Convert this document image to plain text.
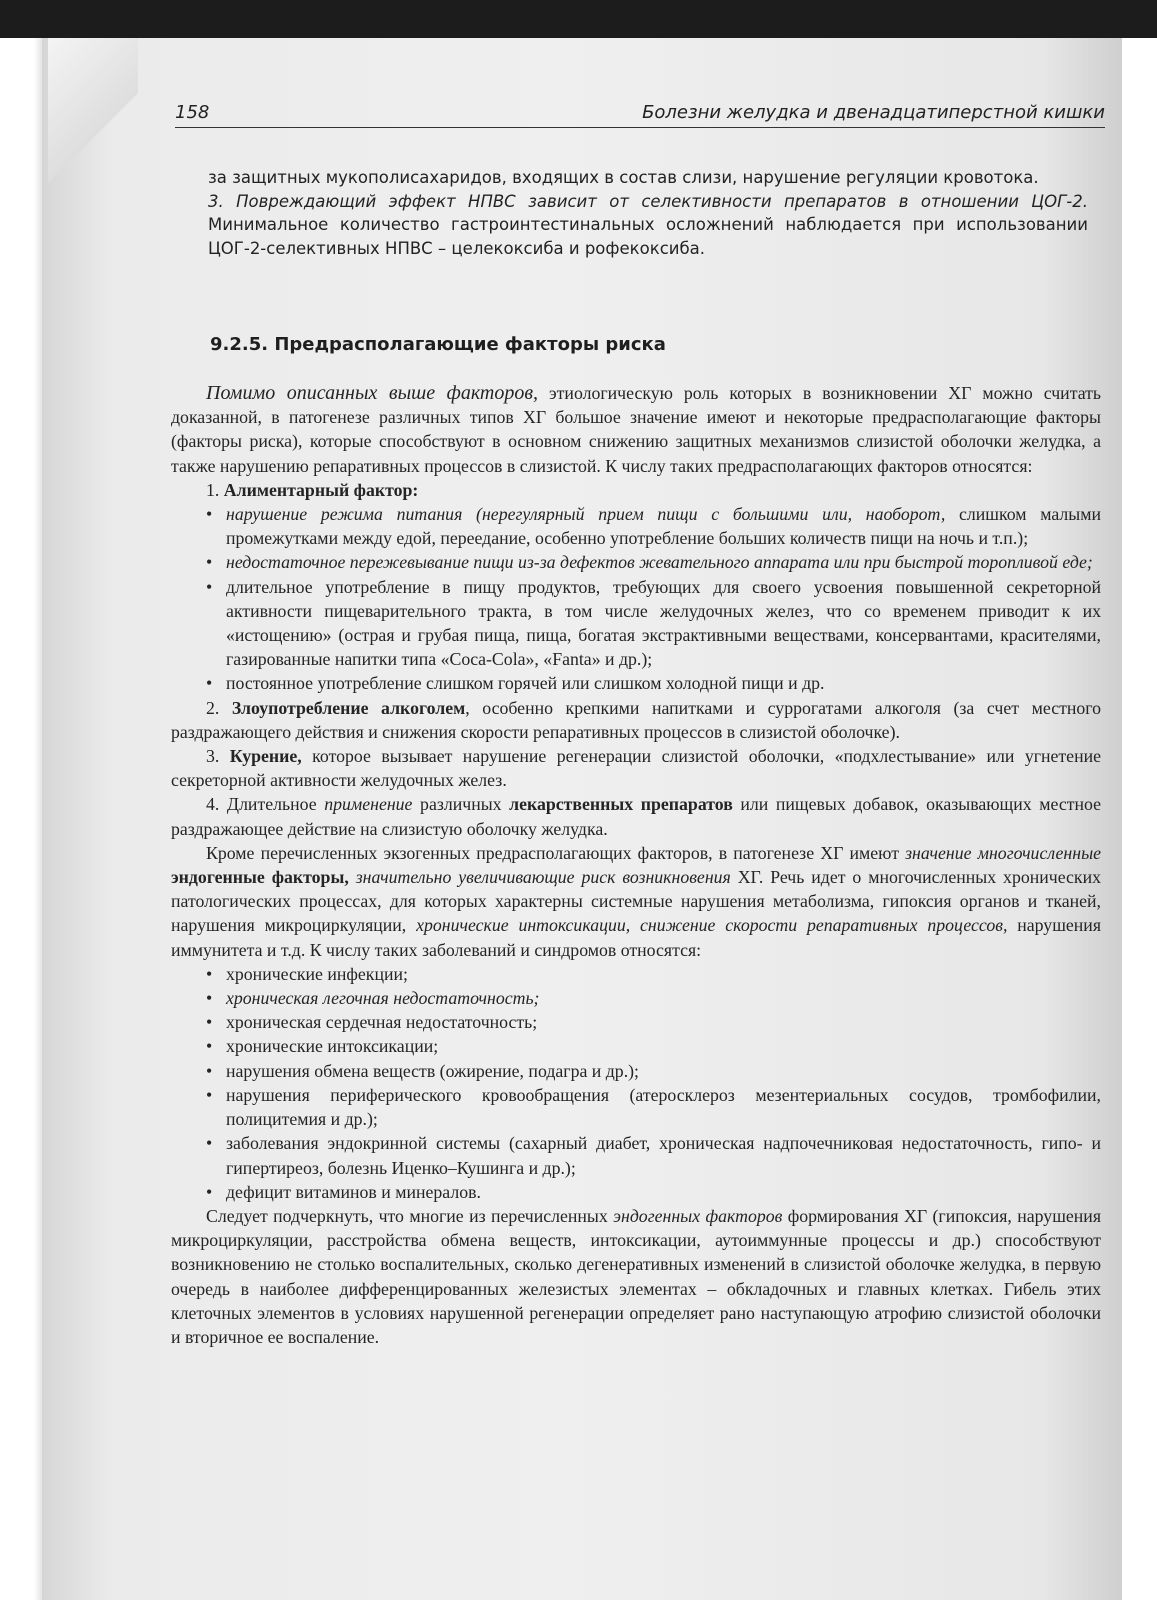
158	Болезни желудка и двенадцатиперстной кишки

за защитных мукополисахаридов, входящих в состав слизи, нарушение регуляции кровотока.

3. Повреждающий эффект НПВС зависит от селективности препаратов в отношении ЦОГ-2. Минимальное количество гастроинтестинальных осложнений наблюдается при использовании ЦОГ-2-селективных НПВС – целекоксиба и рофекоксиба.

9.2.5. Предрасполагающие факторы риска

Помимо описанных выше факторов, этиологическую роль которых в возникновении ХГ можно считать доказанной, в патогенезе различных типов ХГ большое значение имеют и некоторые предрасполагающие факторы (факторы риска), которые способствуют в основном снижению защитных механизмов слизистой оболочки желудка, а также нарушению репаративных процессов в слизистой. К числу таких предрасполагающих факторов относятся:

1. Алиментарный фактор:

• нарушение режима питания (нерегулярный прием пищи с большими или, наоборот, слишком малыми промежутками между едой, переедание, особенно употребление больших количеств пищи на ночь и т.п.);
• недостаточное пережевывание пищи из-за дефектов жевательного аппарата или при быстрой торопливой еде;
• длительное употребление в пищу продуктов, требующих для своего усвоения повышенной секреторной активности пищеварительного тракта, в том числе желудочных желез, что со временем приводит к их «истощению» (острая и грубая пища, пища, богатая экстрактивными веществами, консервантами, красителями, газированные напитки типа «Coca-Cola», «Fanta» и др.);
• постоянное употребление слишком горячей или слишком холодной пищи и др.

2. Злоупотребление алкоголем, особенно крепкими напитками и суррогатами алкоголя (за счет местного раздражающего действия и снижения скорости репаративных процессов в слизистой оболочке).

3. Курение, которое вызывает нарушение регенерации слизистой оболочки, «подхлестывание» или угнетение секреторной активности желудочных желез.

4. Длительное применение различных лекарственных препаратов или пищевых добавок, оказывающих местное раздражающее действие на слизистую оболочку желудка.

Кроме перечисленных экзогенных предрасполагающих факторов, в патогенезе ХГ имеют значение многочисленные эндогенные факторы, значительно увеличивающие риск возникновения ХГ. Речь идет о многочисленных хронических патологических процессах, для которых характерны системные нарушения метаболизма, гипоксия органов и тканей, нарушения микроциркуляции, хронические интоксикации, снижение скорости репаративных процессов, нарушения иммунитета и т.д. К числу таких заболеваний и синдромов относятся:

• хронические инфекции;
• хроническая легочная недостаточность;
• хроническая сердечная недостаточность;
• хронические интоксикации;
• нарушения обмена веществ (ожирение, подагра и др.);
• нарушения периферического кровообращения (атеросклероз мезентериальных сосудов, тромбофилии, полицитемия и др.);
• заболевания эндокринной системы (сахарный диабет, хроническая надпочечниковая недостаточность, гипо- и гипертиреоз, болезнь Иценко–Кушинга и др.);
• дефицит витаминов и минералов.

Следует подчеркнуть, что многие из перечисленных эндогенных факторов формирования ХГ (гипоксия, нарушения микроциркуляции, расстройства обмена веществ, интоксикации, аутоиммунные процессы и др.) способствуют возникновению не столько воспалительных, сколько дегенеративных изменений в слизистой оболочке желудка, в первую очередь в наиболее дифференцированных железистых элементах – обкладочных и главных клетках. Гибель этих клеточных элементов в условиях нарушенной регенерации определяет рано наступающую атрофию слизистой оболочки и вторичное ее воспаление.
